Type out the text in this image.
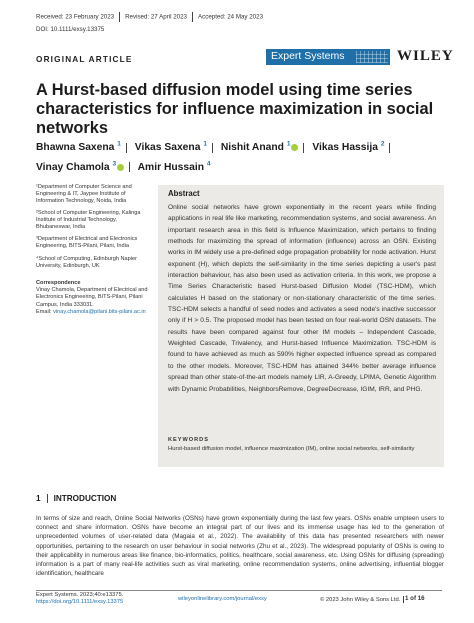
Received: 23 February 2023 Revised: 27 April 2023 Accepted: 24 May 2023
DOI: 10.1111/exsy.13375
ORIGINAL ARTICLE	Expert Systems	WILEY
A Hurst-based diffusion model using time series characteristics for influence maximization in social networks
Bhawna Saxena $^1$ Vikas Saxena $^1$ Nishit Anand $^1$ Vikas Hassija $^2$
Vinay Chamola $^3$ Amir Hussain $^4$
¹Department of Computer Science and Engineering & IT, Jaypee Institute of Information Technology, Noida, India
²School of Computer Engineering, Kalinga Institute of Industrial Technology, Bhubaneswar, India
³Department of Electrical and Electronics Engineering, BITS-Pilani, Pilani, India
⁴School of Computing, Edinburgh Napier University, Edinburgh, UK
Correspondence
Vinay Chamola, Department of Electrical and Electronics Engineering, BITS-Pilani, Pilani Campus, India 333031.
Email: vinay.chamola@pilani.bits-pilani.ac.in
Abstract
Online social networks have grown exponentially in the recent years while finding applications in real life like marketing, recommendation systems, and social awareness. An important research area in this field is Influence Maximization, which pertains to finding methods for maximizing the spread of information (influence) across an OSN. Existing works in IM widely use a pre-defined edge propagation probability for node activation. Hurst exponent (H), which depicts the self-similarity in the time series depicting a user's past interaction behaviour, has also been used as activation criteria. In this work, we propose a Time Series Characteristic based Hurst-based Diffusion Model (TSC-HDM), which calculates H based on the stationary or non-stationary characteristic of the time series. TSC-HDM selects a handful of seed nodes and activates a seed node's inactive successor only if H > 0.5. The proposed model has been tested on four real-world OSN datasets. The results have been compared against four other IM models – Independent Cascade, Weighted Cascade, Trivalency, and Hurst-based Influence Maximization. TSC-HDM is found to have achieved as much as 590% higher expected influence spread as compared to the other models. Moreover, TSC-HDM has attained 344% better average influence spread than other state-of-the-art models namely LIR, A-Greedy, LPIMA, Genetic Algorithm with Dynamic Probabilities, NeighborsRemove, DegreeDecrease, IGIM, IRR, and PHG.
KEYWORDS
Hurst-based diffusion model, influence maximization (IM), online social networks, self-similarity
1 INTRODUCTION
In terms of size and reach, Online Social Networks (OSNs) have grown exponentially during the last few years. OSNs enable umpteen users to connect and share information. OSNs have become an integral part of our lives and its immense usage has led to the generation of unprecedented volumes of user-related data (Magaia et al., 2022). The availability of this data has presented researchers with newer opportunities, pertaining to the research on user behaviour in social networks (Zhu et al., 2023). The widespread popularity of OSNs is owing to their applicability in numerous areas like finance, bio-informatics, politics, healthcare, social awareness, etc. Using OSNs for diffusing (spreading) information is a part of many real-life activities such as viral marketing, online recommendation systems, online advertising, influential blogger identification, healthcare
Expert Systems. 2023;40:e13375.
https://doi.org/10.1111/exsy.13375
wileyonlinelibrary.com/journal/exsy	© 2023 John Wiley & Sons Ltd. 1 of 16
